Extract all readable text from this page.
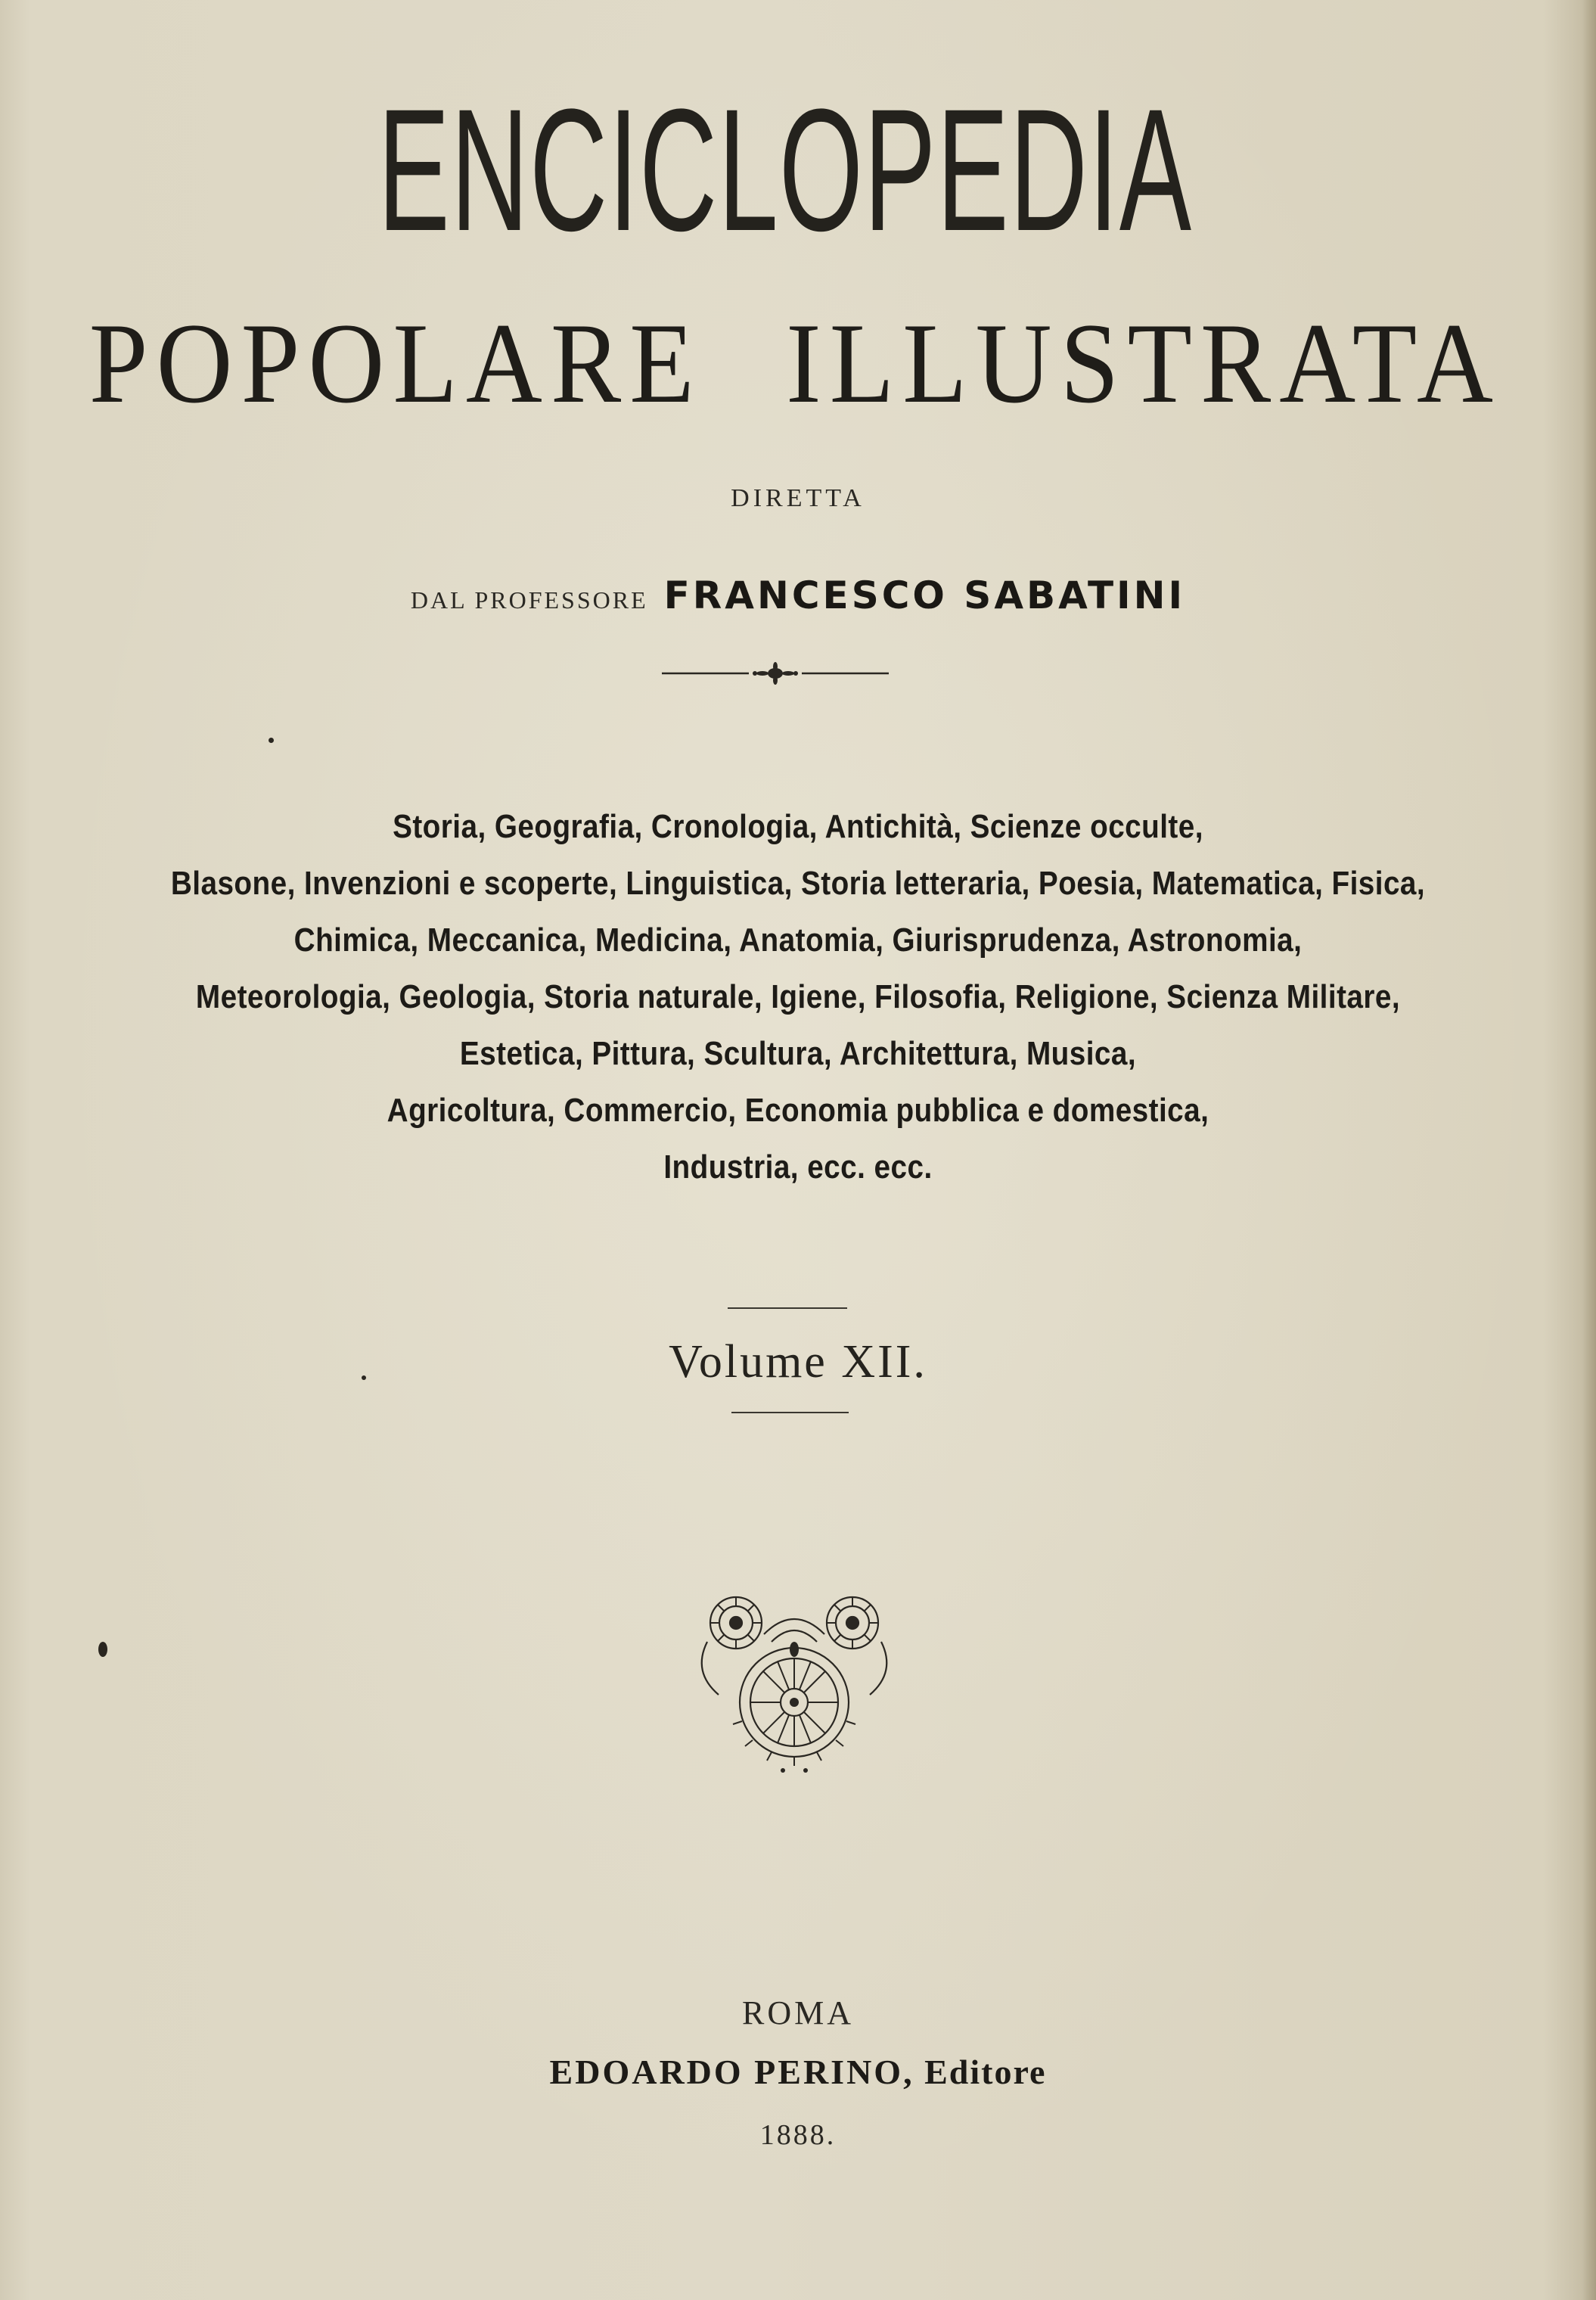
ENCICLOPEDIA
POPOLARE ILLUSTRATA
DIRETTA
DAL PROFESSORE FRANCESCO SABATINI
Storia, Geografia, Cronologia, Antichità, Scienze occulte,
Blasone, Invenzioni e scoperte, Linguistica, Storia letteraria, Poesia, Matematica, Fisica,
Chimica, Meccanica, Medicina, Anatomia, Giurisprudenza, Astronomia,
Meteorologia, Geologia, Storia naturale, Igiene, Filosofia, Religione, Scienza Militare,
Estetica, Pittura, Scultura, Architettura, Musica,
Agricoltura, Commercio, Economia pubblica e domestica,
Industria, ecc. ecc.
Volume XII.
ROMA
EDOARDO PERINO, Editore
1888.
